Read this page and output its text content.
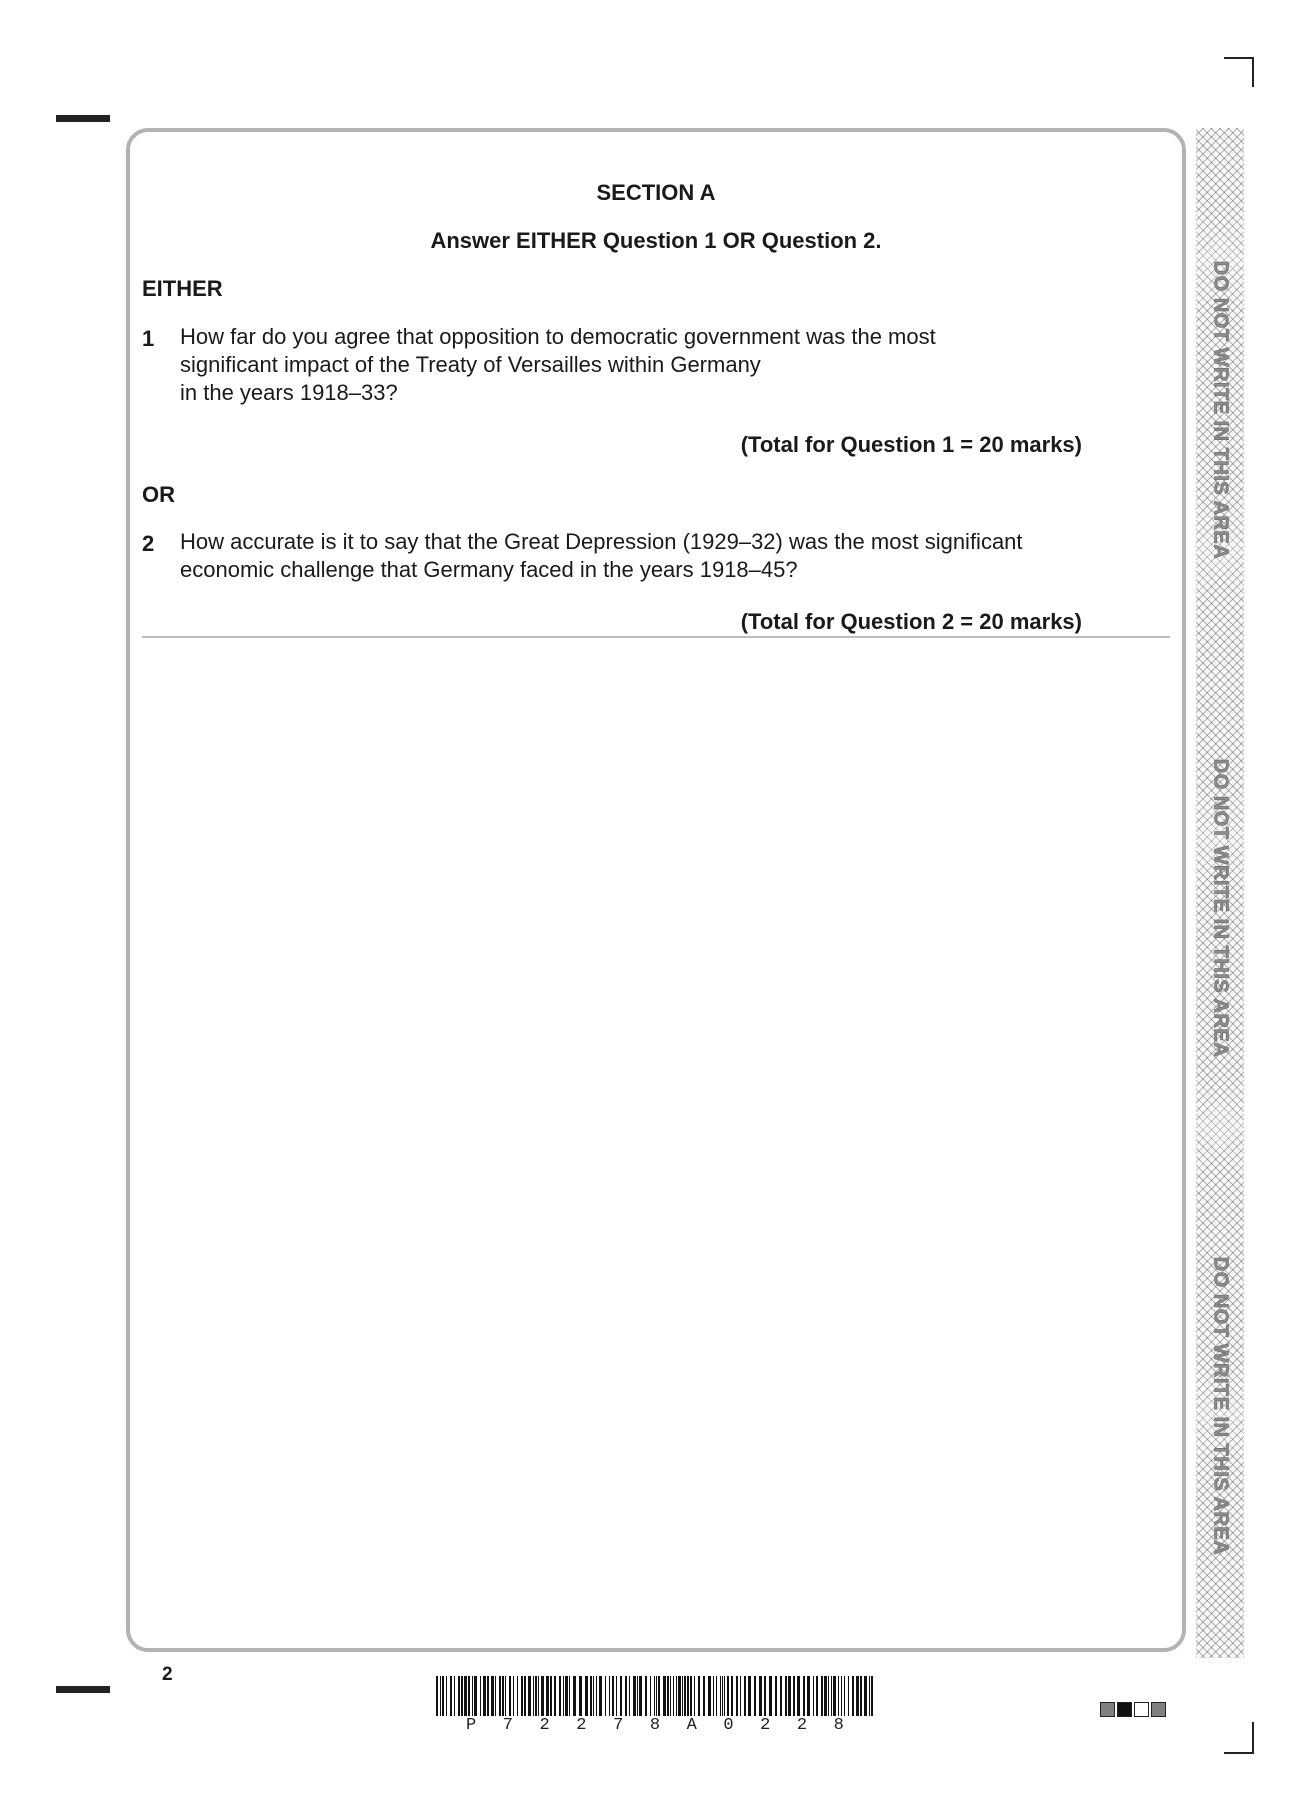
DO NOT WRITE IN THIS AREA
DO NOT WRITE IN THIS AREA
DO NOT WRITE IN THIS AREA
SECTION A
Answer EITHER Question 1 OR Question 2.
EITHER
1 How far do you agree that opposition to democratic government was the most
significant impact of the Treaty of Versailles within Germany
in the years 1918–33?
(Total for Question 1 = 20 marks)
OR
2 How accurate is it to say that the Great Depression (1929–32) was the most significant
economic challenge that Germany faced in the years 1918–45?
(Total for Question 2 = 20 marks)
2
P 7 2 2 7 8 A 0 2 2 8
